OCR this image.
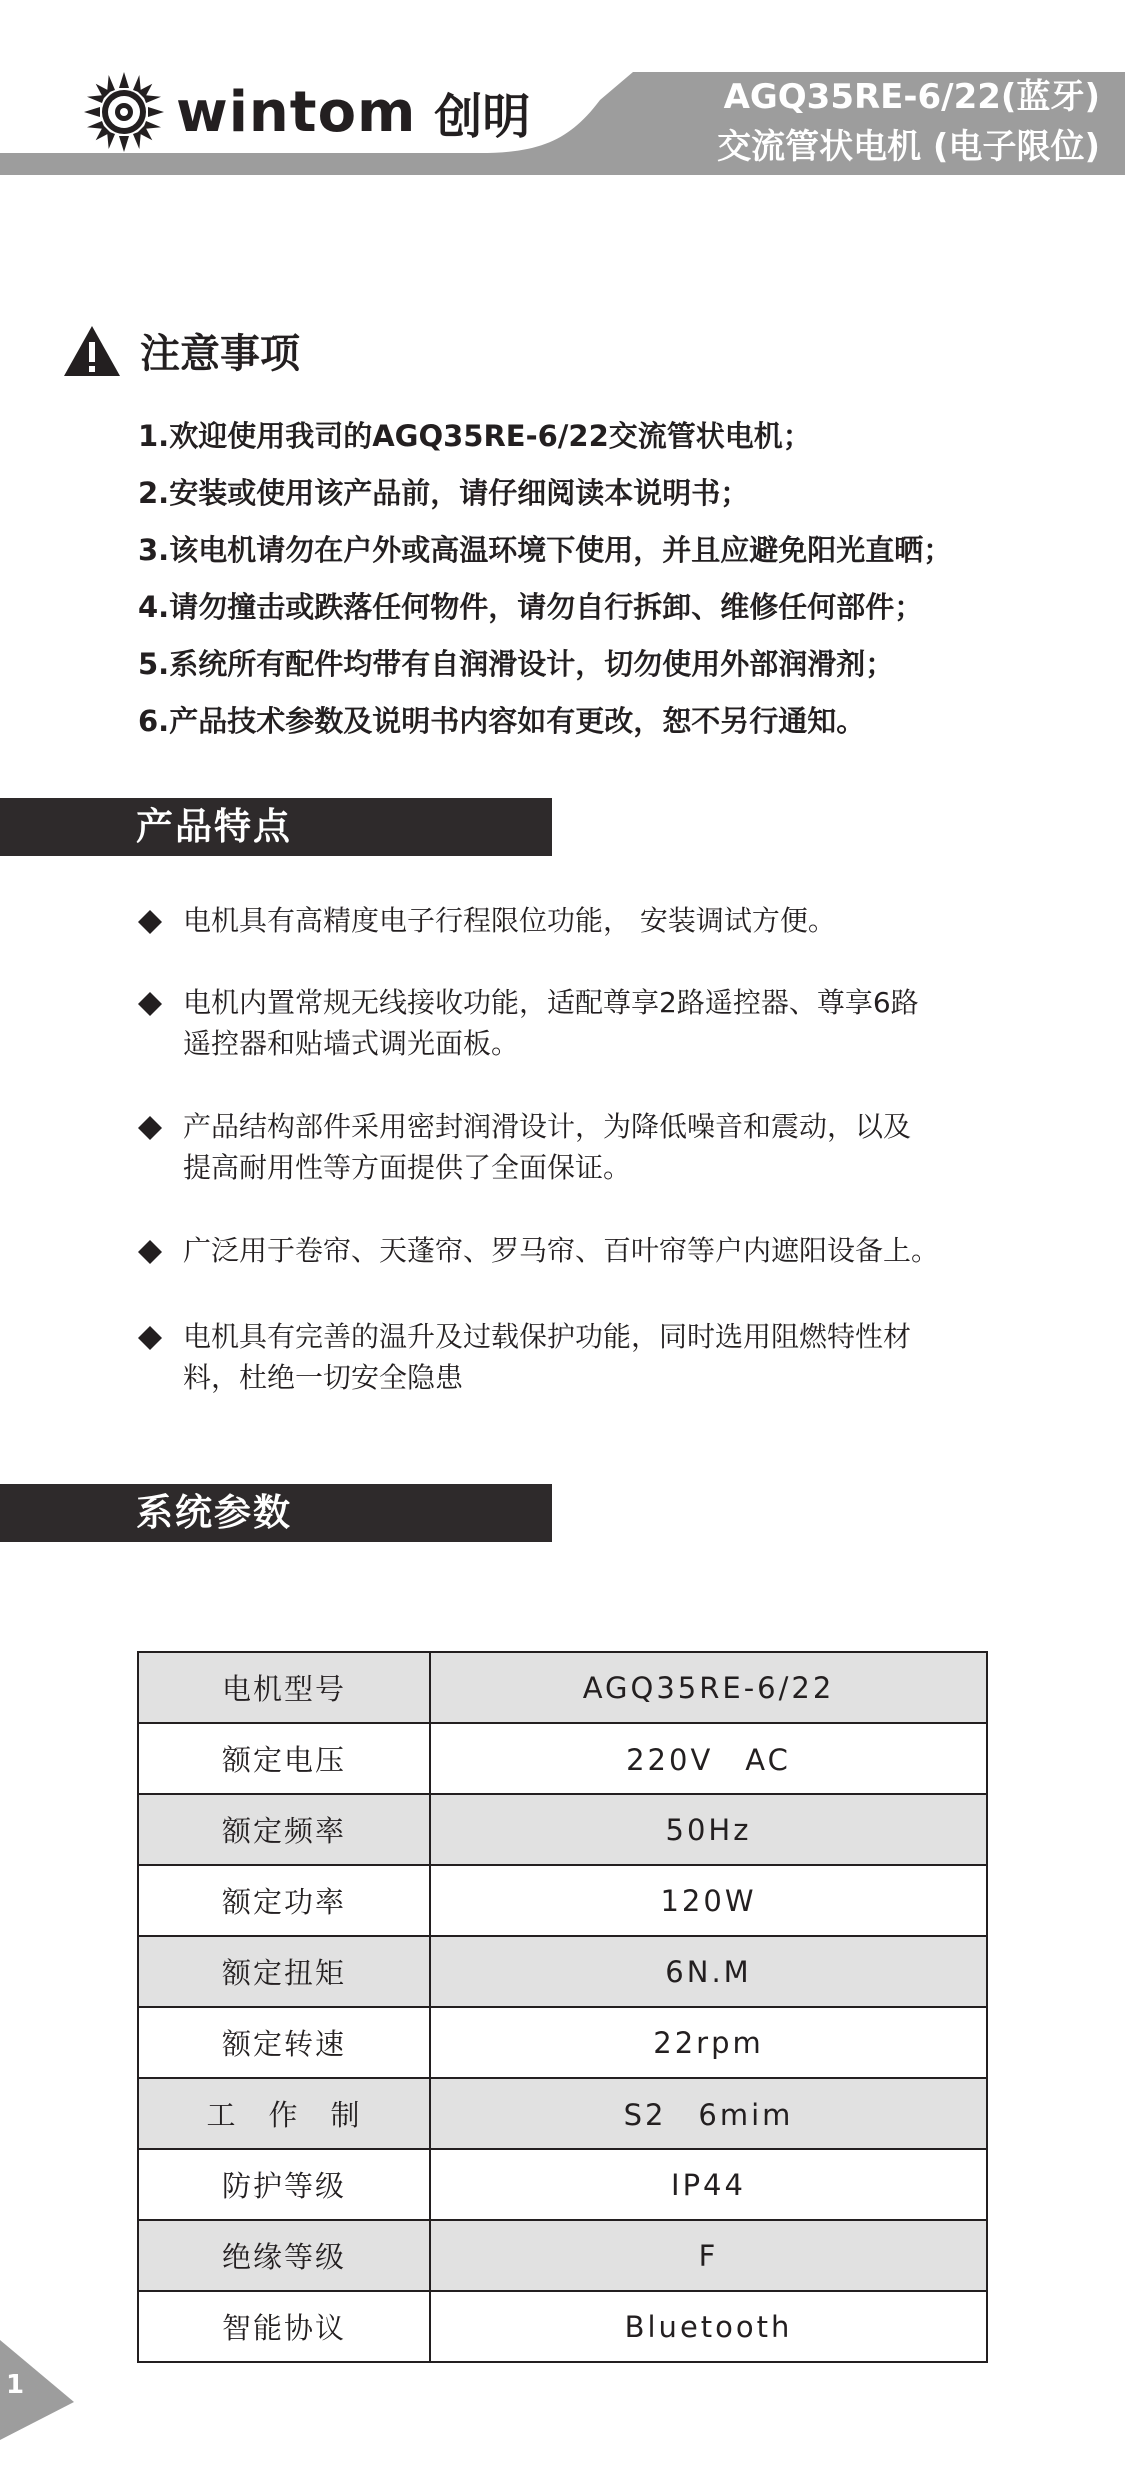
wintom 创明	AGQ35RE-6/22(蓝牙)
交流管状电机 (电子限位)
注意事项
1.欢迎使用我司的AGQ35RE-6/22交流管状电机；
2.安装或使用该产品前，请仔细阅读本说明书；
3.该电机请勿在户外或高温环境下使用，并且应避免阳光直晒；
4.请勿撞击或跌落任何物件，请勿自行拆卸、维修任何部件；
5.系统所有配件均带有自润滑设计，切勿使用外部润滑剂；
6.产品技术参数及说明书内容如有更改，恕不另行通知。
产品特点
电机具有高精度电子行程限位功能， 安装调试方便。
电机内置常规无线接收功能，适配尊享2路遥控器、尊享6路
遥控器和贴墙式调光面板。
产品结构部件采用密封润滑设计，为降低噪音和震动，以及
提高耐用性等方面提供了全面保证。
广泛用于卷帘、天蓬帘、罗马帘、百叶帘等户内遮阳设备上。
电机具有完善的温升及过载保护功能，同时选用阻燃特性材
料，杜绝一切安全隐患
系统参数
电机型号	AGQ35RE-6/22
额定电压	220V　AC
额定频率	50Hz
额定功率	120W
额定扭矩	6N.M
额定转速	22rpm
工　作　制	S2　6mim
防护等级	IP44
绝缘等级	F
智能协议	Bluetooth
1
